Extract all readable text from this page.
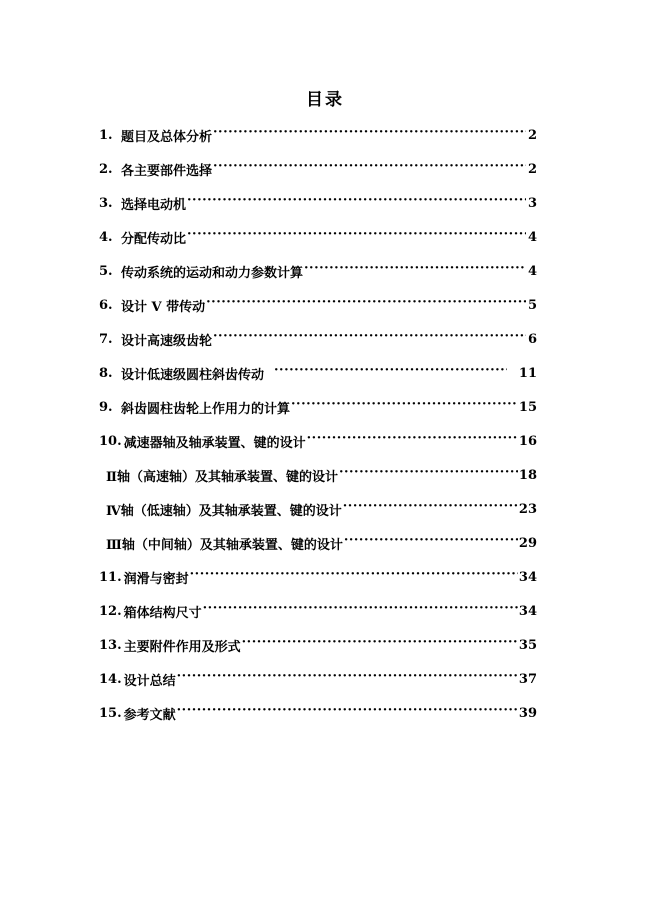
目录
1. 题目及总体分析 ·····	2
2. 各主要部件选择 ·····	2
3. 选择电动机 ·····	3
4. 分配传动比 ·····	4
5. 传动系统的运动和动力参数计算 ·····	4
6. 设计 V 带传动 ·····	5
7. 设计高速级齿轮 ·····	6
8. 设计低速级圆柱斜齿传动 ·····	11
9. 斜齿圆柱齿轮上作用力的计算 ·····	15
10. 减速器轴及轴承装置、键的设计 ·····	16
Ⅱ轴（高速轴）及其轴承装置、键的设计 ·····	18
Ⅳ轴（低速轴）及其轴承装置、键的设计 ·····	23
Ⅲ轴（中间轴）及其轴承装置、键的设计 ·····	29
11. 润滑与密封 ·····	34
12. 箱体结构尺寸 ·····	34
13. 主要附件作用及形式 ·····	35
14. 设计总结 ·····	37
15. 参考文献 ·····	39
